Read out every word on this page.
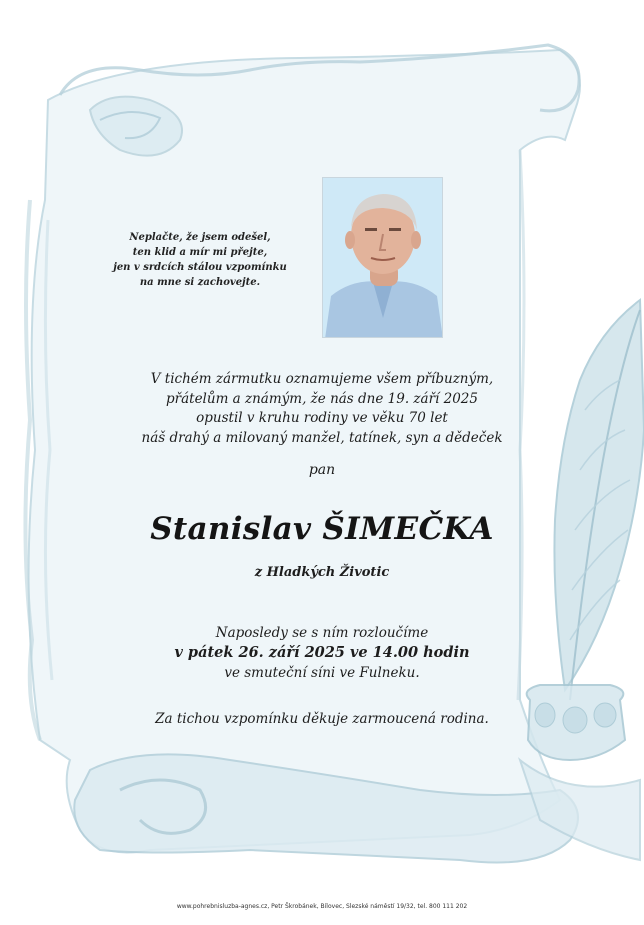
Neplačte, že jsem odešel,
ten klid a mír mi přejte,
jen v srdcích stálou vzpomínku
na mne si zachovejte.
V tichém zármutku oznamujeme všem příbuzným,
přátelům a známým, že nás dne 19. září 2025
opustil v kruhu rodiny ve věku 70 let
náš drahý a milovaný manžel, tatínek, syn a dědeček
pan
Stanislav ŠIMEČKA
z Hladkých Životic
Naposledy se s ním rozloučíme
v pátek 26. září 2025 ve 14.00 hodin
ve smuteční síni ve Fulneku.
Za tichou vzpomínku děkuje zarmoucená rodina.
www.pohrebnisluzba-agnes.cz, Petr Škrobánek, Bílovec, Slezské náměstí 19/32, tel. 800 111 202
